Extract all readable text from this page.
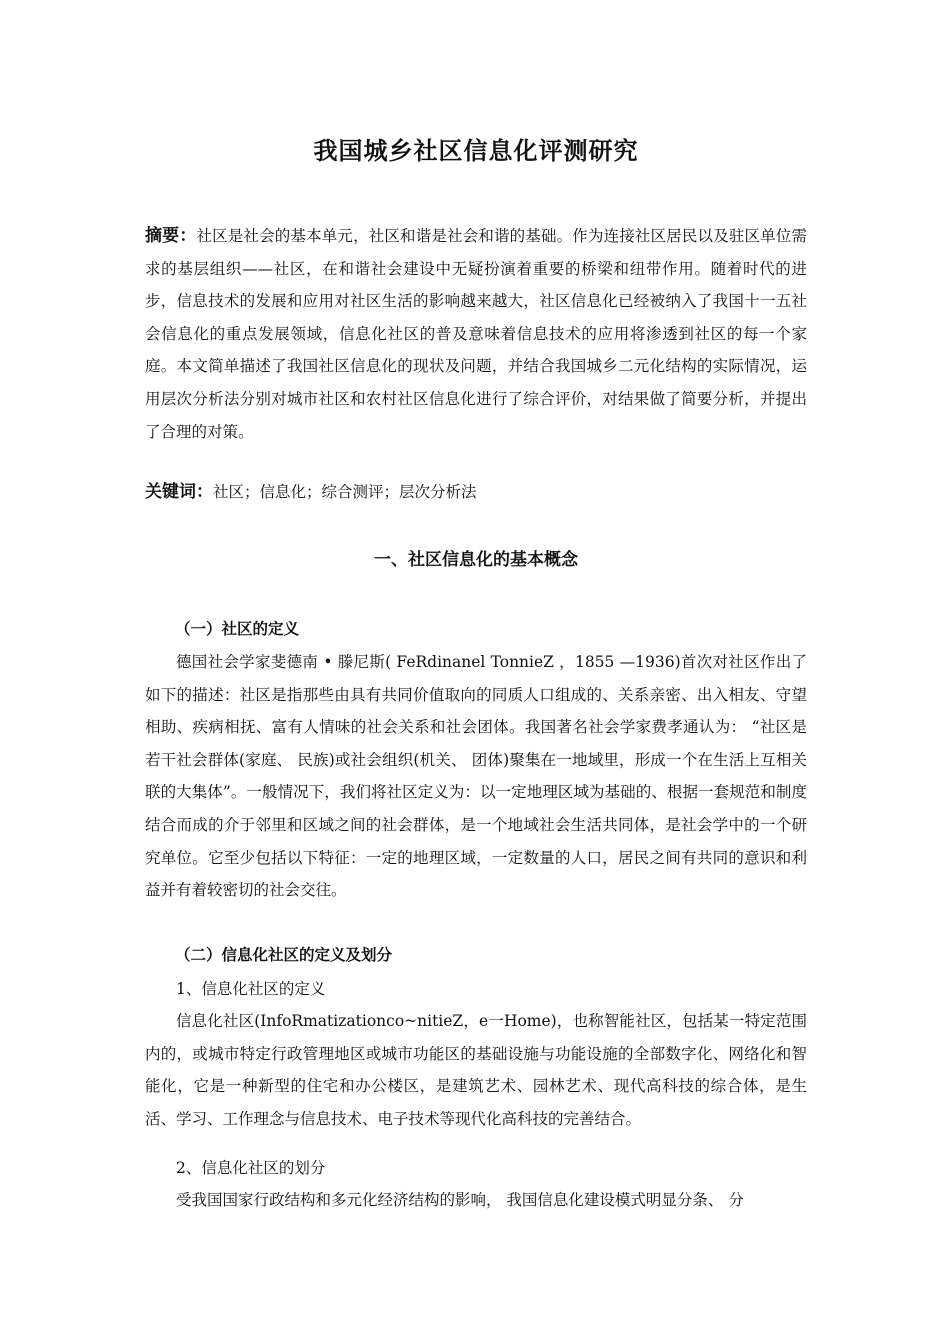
我国城乡社区信息化评测研究
摘要：社区是社会的基本单元，社区和谐是社会和谐的基础。作为连接社区居民以及驻区单位需求的基层组织——社区，在和谐社会建设中无疑扮演着重要的桥梁和纽带作用。随着时代的进步，信息技术的发展和应用对社区生活的影响越来越大，社区信息化已经被纳入了我国十一五社会信息化的重点发展领域，信息化社区的普及意味着信息技术的应用将渗透到社区的每一个家庭。本文简单描述了我国社区信息化的现状及问题，并结合我国城乡二元化结构的实际情况，运用层次分析法分别对城市社区和农村社区信息化进行了综合评价，对结果做了简要分析，并提出了合理的对策。
关键词：社区；信息化；综合测评；层次分析法
一、社区信息化的基本概念
（一）社区的定义
德国社会学家斐德南 • 滕尼斯( FeRdinanel TonnieZ ，1855 —1936)首次对社区作出了如下的描述：社区是指那些由具有共同价值取向的同质人口组成的、关系亲密、出入相友、守望相助、疾病相抚、富有人情味的社会关系和社会团体。我国著名社会学家费孝通认为： “社区是若干社会群体(家庭、 民族)或社会组织(机关、 团体)聚集在一地域里，形成一个在生活上互相关联的大集体”。一般情况下，我们将社区定义为：以一定地理区域为基础的、根据一套规范和制度结合而成的介于邻里和区域之间的社会群体，是一个地域社会生活共同体，是社会学中的一个研究单位。它至少包括以下特征：一定的地理区域，一定数量的人口，居民之间有共同的意识和利益并有着较密切的社会交往。
（二）信息化社区的定义及划分
1、信息化社区的定义
信息化社区(InfoRmatizationco~nitieZ，e一Home)，也称智能社区，包括某一特定范围内的，或城市特定行政管理地区或城市功能区的基础设施与功能设施的全部数字化、网络化和智能化，它是一种新型的住宅和办公楼区，是建筑艺术、园林艺术、现代高科技的综合体，是生活、学习、工作理念与信息技术、电子技术等现代化高科技的完善结合。
2、信息化社区的划分
受我国国家行政结构和多元化经济结构的影响， 我国信息化建设模式明显分条、 分
